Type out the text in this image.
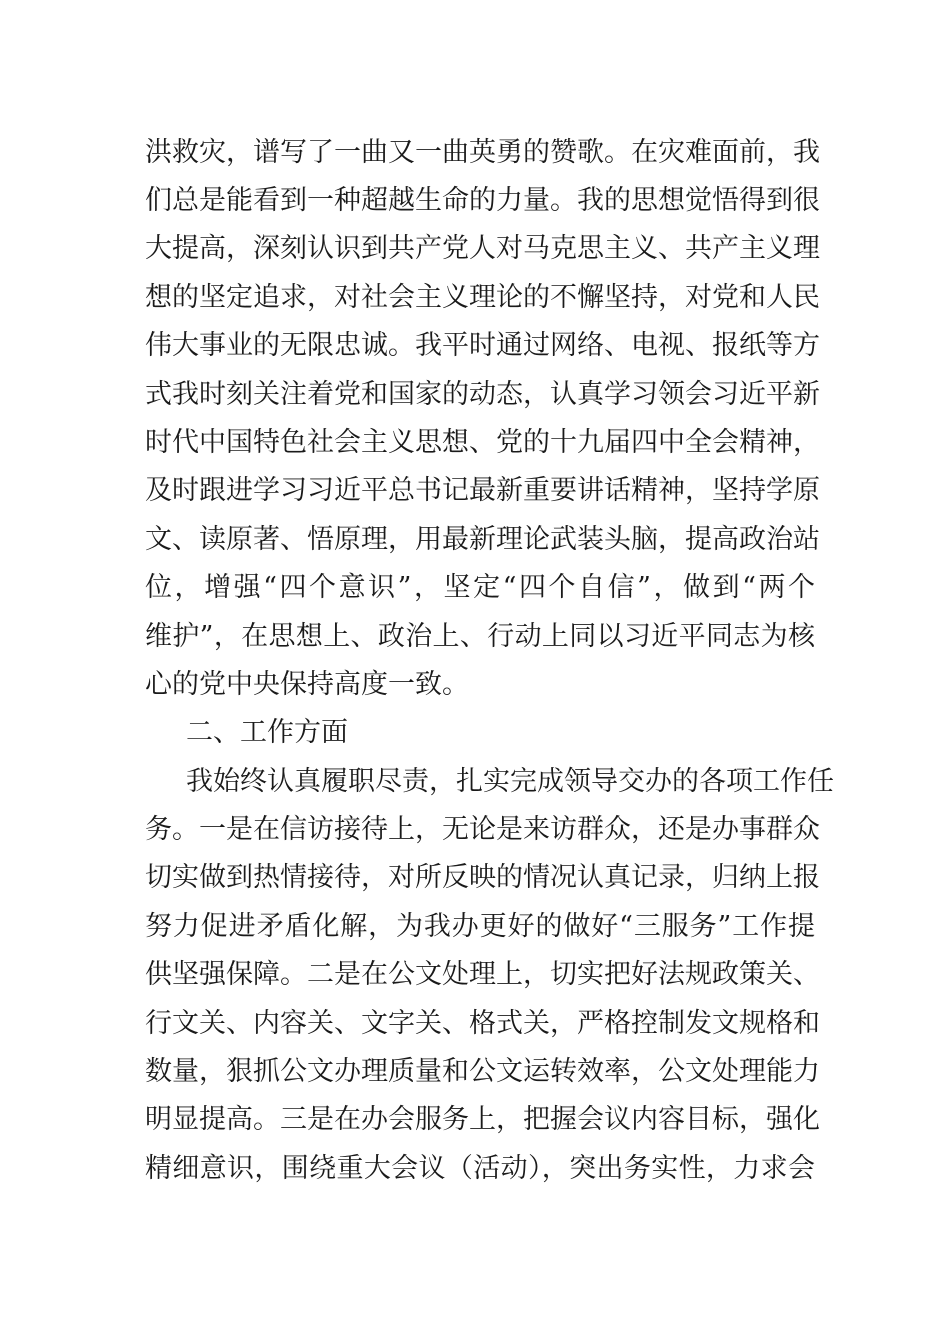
洪救灾，谱写了一曲又一曲英勇的赞歌。在灾难面前，我
们总是能看到一种超越生命的力量。我的思想觉悟得到很
大提高，深刻认识到共产党人对马克思主义、共产主义理
想的坚定追求，对社会主义理论的不懈坚持，对党和人民
伟大事业的无限忠诚。我平时通过网络、电视、报纸等方
式我时刻关注着党和国家的动态，认真学习领会习近平新
时代中国特色社会主义思想、党的十九届四中全会精神，
及时跟进学习习近平总书记最新重要讲话精神，坚持学原
文、读原著、悟原理，用最新理论武装头脑，提高政治站
位，增强“四个意识”，坚定“四个自信”，做到“两个
维护”，在思想上、政治上、行动上同以习近平同志为核
心的党中央保持高度一致。
二、工作方面
我始终认真履职尽责，扎实完成领导交办的各项工作任
务。一是在信访接待上，无论是来访群众，还是办事群众
切实做到热情接待，对所反映的情况认真记录，归纳上报
努力促进矛盾化解，为我办更好的做好“三服务”工作提
供坚强保障。二是在公文处理上，切实把好法规政策关、
行文关、内容关、文字关、格式关，严格控制发文规格和
数量，狠抓公文办理质量和公文运转效率，公文处理能力
明显提高。三是在办会服务上，把握会议内容目标，强化
精细意识，围绕重大会议（活动），突出务实性，力求会
